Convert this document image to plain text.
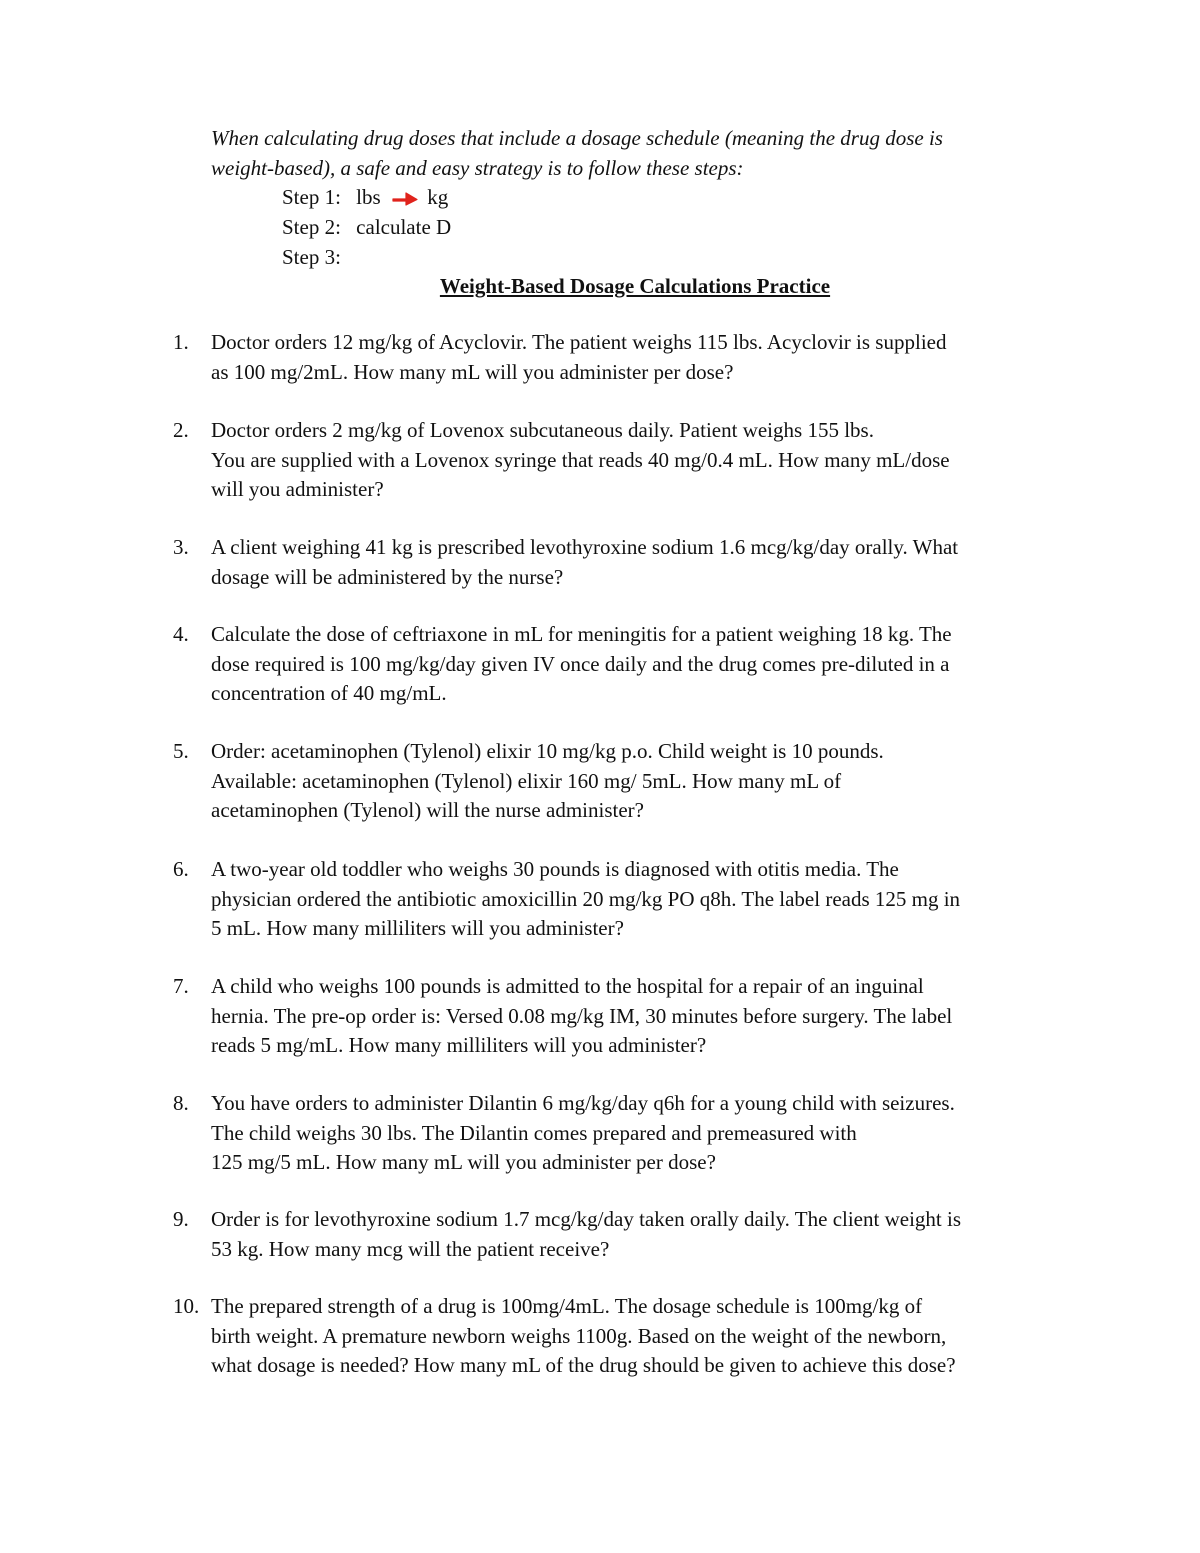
When calculating drug doses that include a dosage schedule (meaning the drug dose is

weight-based), a safe and easy strategy is to follow these steps:

Step 1: lbs kg
Step 2: calculate D
Step 3:
Weight-Based Dosage Calculations Practice
1.	Doctor orders 12 mg/kg of Acyclovir. The patient weighs 115 lbs. Acyclovir is supplied
as 100 mg/2mL. How many mL will you administer per dose?
2.	Doctor orders 2 mg/kg of Lovenox subcutaneous daily. Patient weighs 155 lbs.
You are supplied with a Lovenox syringe that reads 40 mg/0.4 mL. How many mL/dose
will you administer?
3.	A client weighing 41 kg is prescribed levothyroxine sodium 1.6 mcg/kg/day orally. What
dosage will be administered by the nurse?
4.	Calculate the dose of ceftriaxone in mL for meningitis for a patient weighing 18 kg. The
dose required is 100 mg/kg/day given IV once daily and the drug comes pre-diluted in a
concentration of 40 mg/mL.
5.	Order: acetaminophen (Tylenol) elixir 10 mg/kg p.o. Child weight is 10 pounds.
Available: acetaminophen (Tylenol) elixir 160 mg/ 5mL. How many mL of
acetaminophen (Tylenol) will the nurse administer?
6.	A two-year old toddler who weighs 30 pounds is diagnosed with otitis media. The
physician ordered the antibiotic amoxicillin 20 mg/kg PO q8h. The label reads 125 mg in
5 mL. How many milliliters will you administer?
7.	A child who weighs 100 pounds is admitted to the hospital for a repair of an inguinal
hernia. The pre-op order is: Versed 0.08 mg/kg IM, 30 minutes before surgery. The label
reads 5 mg/mL. How many milliliters will you administer?
8.	You have orders to administer Dilantin 6 mg/kg/day q6h for a young child with seizures.
The child weighs 30 lbs. The Dilantin comes prepared and premeasured with
125 mg/5 mL. How many mL will you administer per dose?
9.	Order is for levothyroxine sodium 1.7 mcg/kg/day taken orally daily. The client weight is
53 kg. How many mcg will the patient receive?
10. The prepared strength of a drug is 100mg/4mL. The dosage schedule is 100mg/kg of
birth weight. A premature newborn weighs 1100g. Based on the weight of the newborn,
what dosage is needed? How many mL of the drug should be given to achieve this dose?
